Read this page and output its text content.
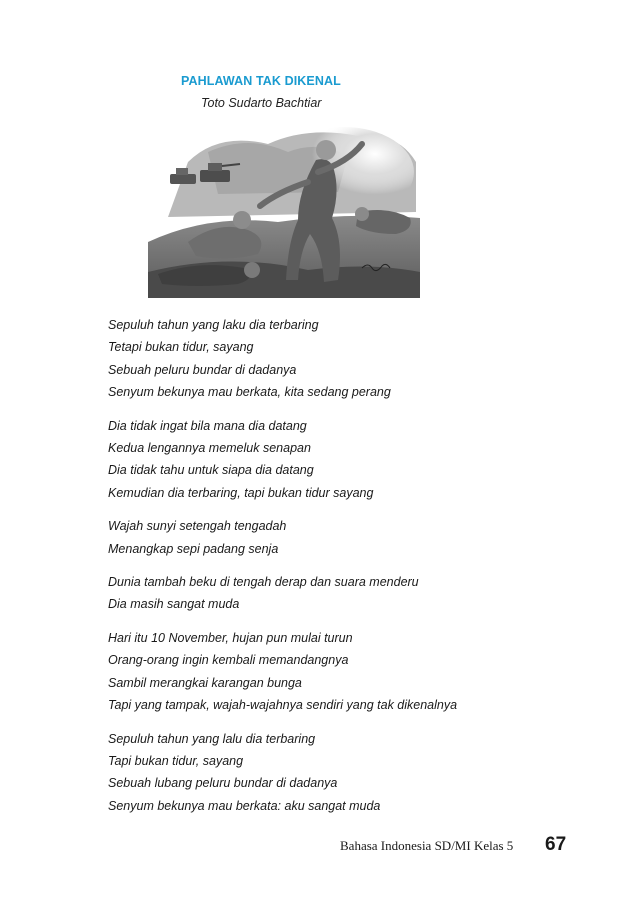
PAHLAWAN TAK DIKENAL
Toto Sudarto Bachtiar
Sepuluh tahun yang laku dia terbaring
Tetapi bukan tidur, sayang
Sebuah peluru bundar di dadanya
Senyum bekunya mau berkata, kita sedang perang
Dia tidak ingat bila mana dia datang
Kedua lengannya memeluk senapan
Dia tidak tahu untuk siapa dia datang
Kemudian dia terbaring, tapi bukan tidur sayang
Wajah sunyi setengah tengadah
Menangkap sepi padang senja
Dunia tambah beku di tengah derap dan suara menderu
Dia masih sangat muda
Hari itu 10 November, hujan pun mulai turun
Orang-orang ingin kembali memandangnya
Sambil merangkai karangan bunga
Tapi yang tampak, wajah-wajahnya sendiri yang tak dikenalnya
Sepuluh tahun yang lalu dia terbaring
Tapi bukan tidur, sayang
Sebuah lubang peluru bundar di dadanya
Senyum bekunya mau berkata: aku sangat muda
Bahasa Indonesia SD/MI Kelas 5 67
